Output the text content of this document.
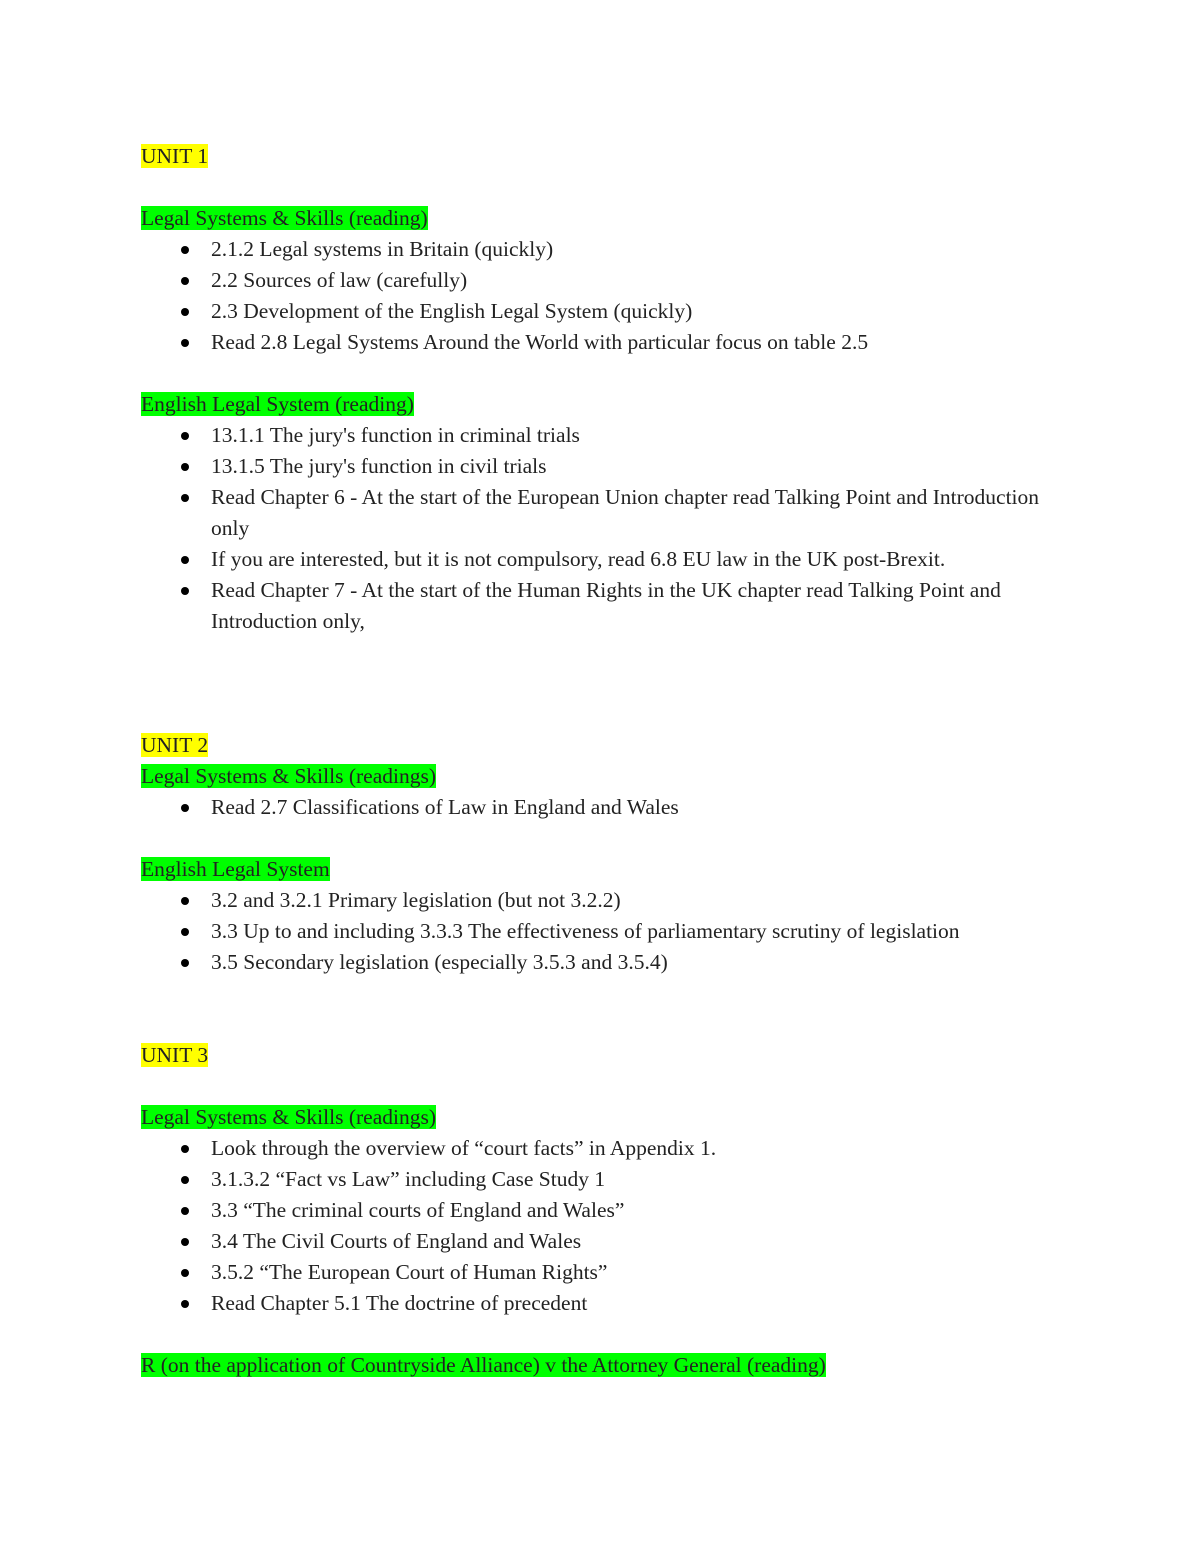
UNIT 1
Legal Systems & Skills (reading)
2.1.2 Legal systems in Britain (quickly)
2.2 Sources of law (carefully)
2.3 Development of the English Legal System (quickly)
Read 2.8 Legal Systems Around the World with particular focus on table 2.5
English Legal System (reading)
13.1.1 The jury's function in criminal trials
13.1.5 The jury's function in civil trials
Read Chapter 6 - At the start of the European Union chapter read Talking Point and Introduction only
If you are interested, but it is not compulsory, read 6.8 EU law in the UK post-Brexit.
Read Chapter 7 - At the start of the Human Rights in the UK chapter read Talking Point and Introduction only,
UNIT 2
Legal Systems & Skills (readings)
Read 2.7 Classifications of Law in England and Wales
English Legal System
3.2 and 3.2.1 Primary legislation (but not 3.2.2)
3.3 Up to and including 3.3.3 The effectiveness of parliamentary scrutiny of legislation
3.5 Secondary legislation (especially 3.5.3 and 3.5.4)
UNIT 3
Legal Systems & Skills (readings)
Look through the overview of “court facts” in Appendix 1.
3.1.3.2 “Fact vs Law” including Case Study 1
3.3 “The criminal courts of England and Wales”
3.4 The Civil Courts of England and Wales
3.5.2 “The European Court of Human Rights”
Read Chapter 5.1 The doctrine of precedent
R (on the application of Countryside Alliance) v the Attorney General (reading)
